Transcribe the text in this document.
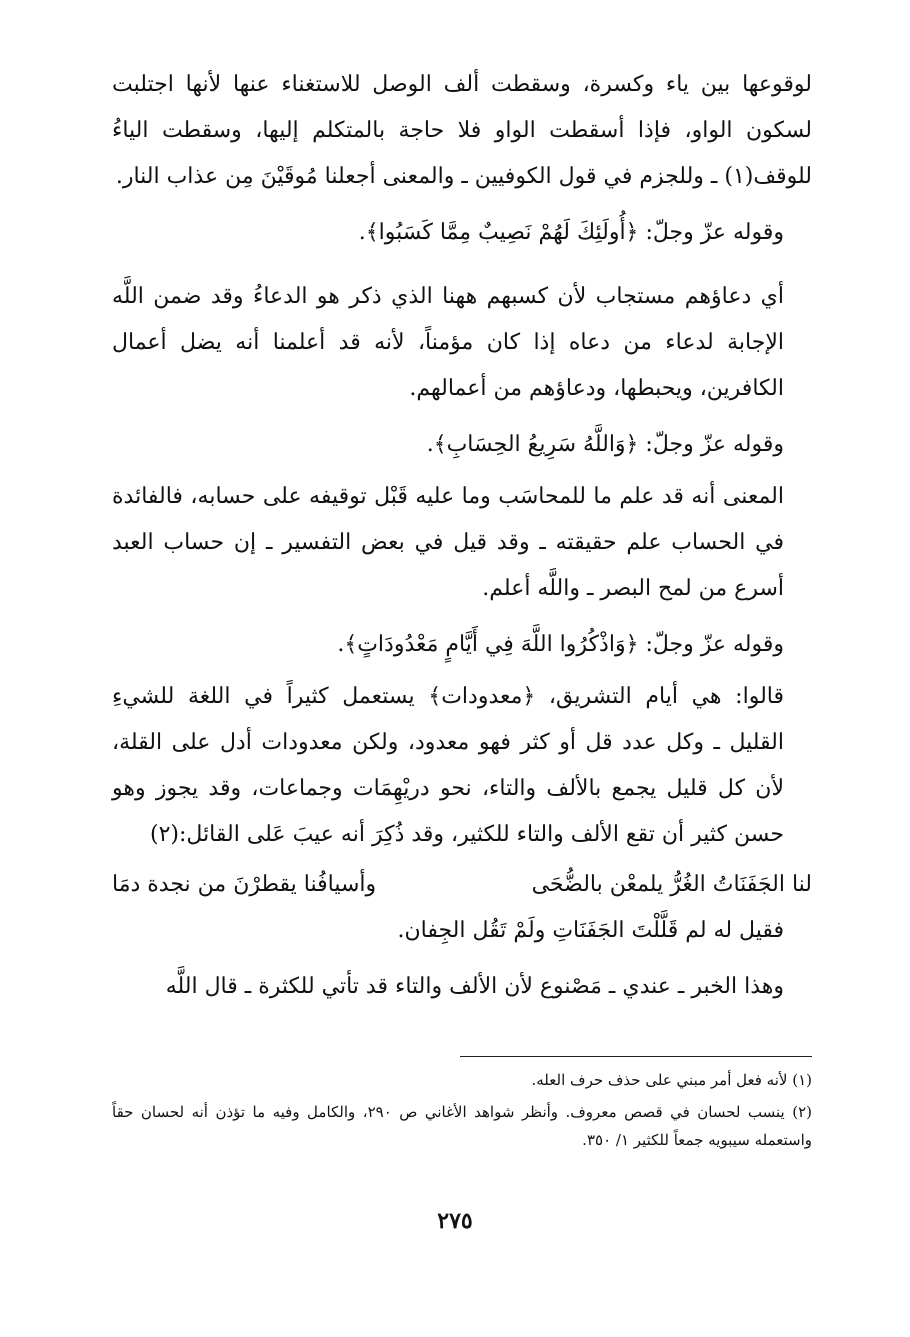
لوقوعها بين ياء وكسرة، وسقطت ألف الوصل للاستغناء عنها لأنها اجتلبت لسكون الواو، فإذا أسقطت الواو فلا حاجة بالمتكلم إليها، وسقطت الياءُ للوقف(١) ـ وللجزم في قول الكوفيين ـ والمعنى أجعلنا مُوقَيْنَ مِن عذاب النار.

وقوله عزّ وجلّ: ﴿أُولَئِكَ لَهُمْ نَصِيبٌ مِمَّا كَسَبُوا﴾.

أي دعاؤهم مستجاب لأن كسبهم ههنا الذي ذكر هو الدعاءُ وقد ضمن اللَّه الإجابة لدعاء من دعاه إذا كان مؤمناً، لأنه قد أعلمنا أنه يضل أعمال الكافرين، ويحبطها، ودعاؤهم من أعمالهم.

وقوله عزّ وجلّ: ﴿وَاللَّهُ سَرِيعُ الحِسَابِ﴾.

المعنى أنه قد علم ما للمحاسَب وما عليه قَبْل توقيفه على حسابه، فالفائدة في الحساب علم حقيقته ـ وقد قيل في بعض التفسير ـ إن حساب العبد أسرع من لمح البصر ـ واللَّه أعلم.

وقوله عزّ وجلّ: ﴿وَاذْكُرُوا اللَّهَ فِي أَيَّامٍ مَعْدُودَاتٍ﴾.

قالوا: هي أيام التشريق، ﴿معدودات﴾ يستعمل كثيراً في اللغة للشيءِ القليل ـ وكل عدد قل أو كثر فهو معدود، ولكن معدودات أدل على القلة، لأن كل قليل يجمع بالألف والتاء، نحو دريْهِمَات وجماعات، وقد يجوز وهو حسن كثير أن تقع الألف والتاء للكثير، وقد ذُكِرَ أنه عيبَ عَلى القائل:(٢)

لنا الجَفَنَاتُ الغُرُّ يلمعْن بالضُّحَى
وأسيافُنا يقطرْنَ من نجدة دمَا

فقيل له لم قَلَّلْتَ الجَفَنَاتِ ولَمْ تَقُل الجِفان.

وهذا الخبر ـ عندي ـ مَصْنوع لأن الألف والتاء قد تأتي للكثرة ـ قال اللَّه

(١) لأنه فعل أمر مبني على حذف حرف العله.

(٢) ينسب لحسان في قصص معروف. وأنظر شواهد الأغاني ص ٢٩٠، والكامل وفيه ما تؤذن أنه لحسان حقاً واستعمله سيبويه جمعاً للكثير ١/ ٣٥٠.

٢٧٥
